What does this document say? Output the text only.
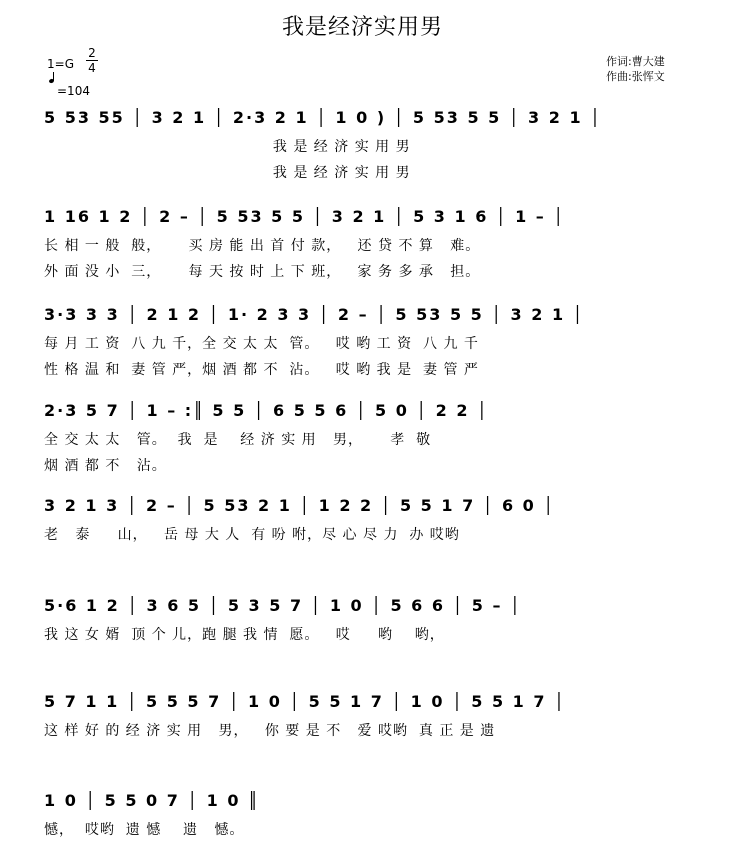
我是经济实用男
1=G
2
4
=104
作词:曹大建
作曲:张恽文
5 53 55 │ 3 2 1 │ 2·3 2 1 │ 1 0 ) │ 5 53 5 5 │ 3 2 1 │
我 是 经 济 实 用 男
我 是 经 济 实 用 男
1 16 1 2 │ 2 – │ 5 53 5 5 │ 3 2 1 │ 5 3 1 6 │ 1 – │
长 相 一 般  般，     买 房 能 出 首 付 款，   还 贷 不 算   难。
外 面 没 小  三，     每 天 按 时 上 下 班，   家 务 多 承   担。
3·3 3 3 │ 2 1 2 │ 1· 2 3 3 │ 2 – │ 5 53 5 5 │ 3 2 1 │
每 月 工 资  八 九 千，全 交 太 太  管。   哎 哟 工 资  八 九 千
性 格 温 和  妻 管 严，烟 酒 都 不  沾。   哎 哟 我 是  妻 管 严
2·3 5 7 │ 1 – :║ 5 5 │ 6 5 5 6 │ 5 0 │ 2 2 │
全 交 太 太   管。  我  是    经 济 实 用   男，     孝  敬
烟 酒 都 不   沾。
3 2 1 3 │ 2 – │ 5 53 2 1 │ 1 2 2 │ 5 5 1 7 │ 6 0 │
老   泰     山，   岳 母 大 人  有 吩 咐，尽 心 尽 力  办 哎哟
5·6 1 2 │ 3 6 5 │ 5 3 5 7 │ 1 0 │ 5 6 6 │ 5 – │
我 这 女 婿  顶 个 儿，跑 腿 我 情  愿。   哎     哟    哟，
5 7 1 1 │ 5 5 5 7 │ 1 0 │ 5 5 1 7 │ 1 0 │ 5 5 1 7 │
这 样 好 的 经 济 实 用   男，   你 要 是 不   爱 哎哟  真 正 是 遗
1 0 │ 5 5 0 7 │ 1 0 ║
憾，  哎哟  遗 憾    遗   憾。
